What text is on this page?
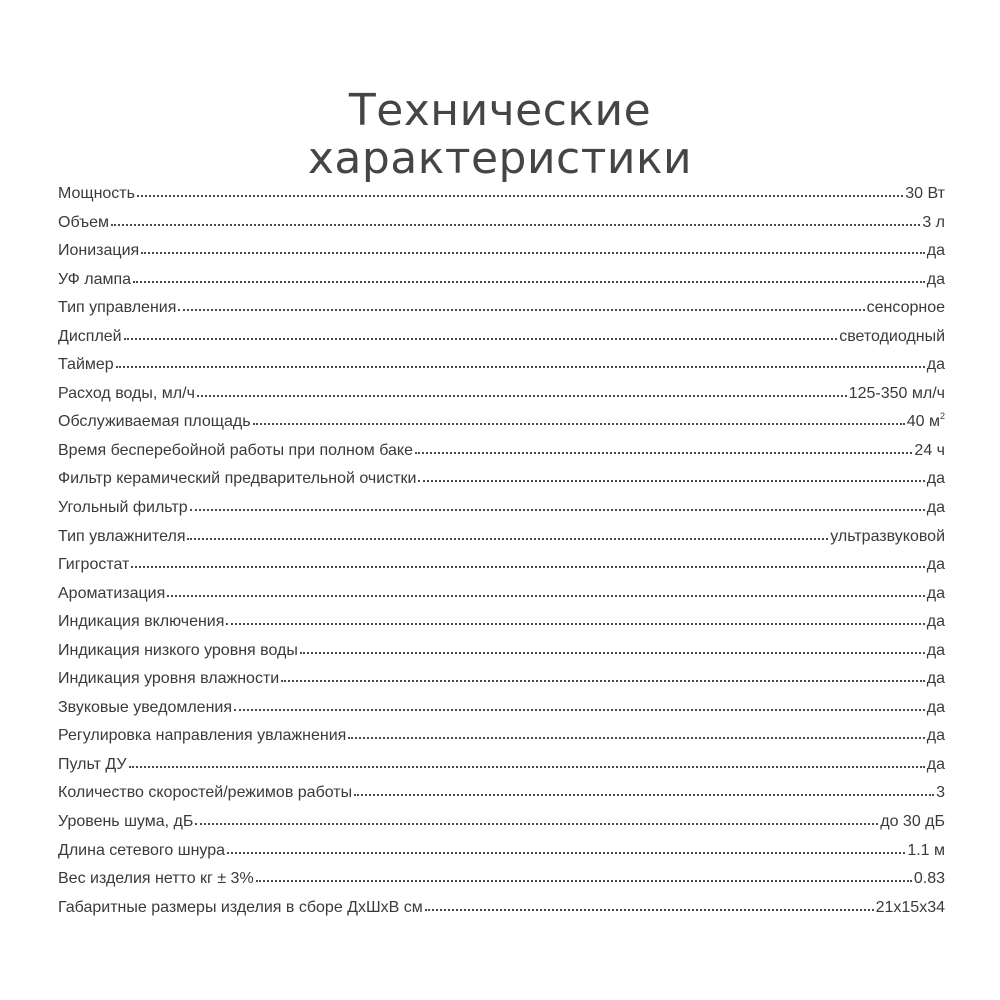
Технические
характеристики
Мощность	30 Вт
Объем	3 л
Ионизация	да
УФ лампа	да
Тип управления	сенсорное
Дисплей	светодиодный
Таймер	да
Расход воды, мл/ч	125-350 мл/ч
Обслуживаемая площадь	40 $м^2$
Время бесперебойной работы при полном баке	24 ч
Фильтр керамический предварительной очистки	да
Угольный фильтр	да
Тип увлажнителя	ультразвуковой
Гигростат	да
Ароматизация	да
Индикация включения	да
Индикация низкого уровня воды	да
Индикация уровня влажности	да
Звуковые уведомления	да
Регулировка направления увлажнения	да
Пульт ДУ	да
Количество скоростей/режимов работы	3
Уровень шума, дБ	до 30 дБ
Длина сетевого шнура	1.1 м
Вес изделия нетто кг ± 3%	0.83
Габаритные размеры изделия в сборе ДхШхВ см	21x15x34
